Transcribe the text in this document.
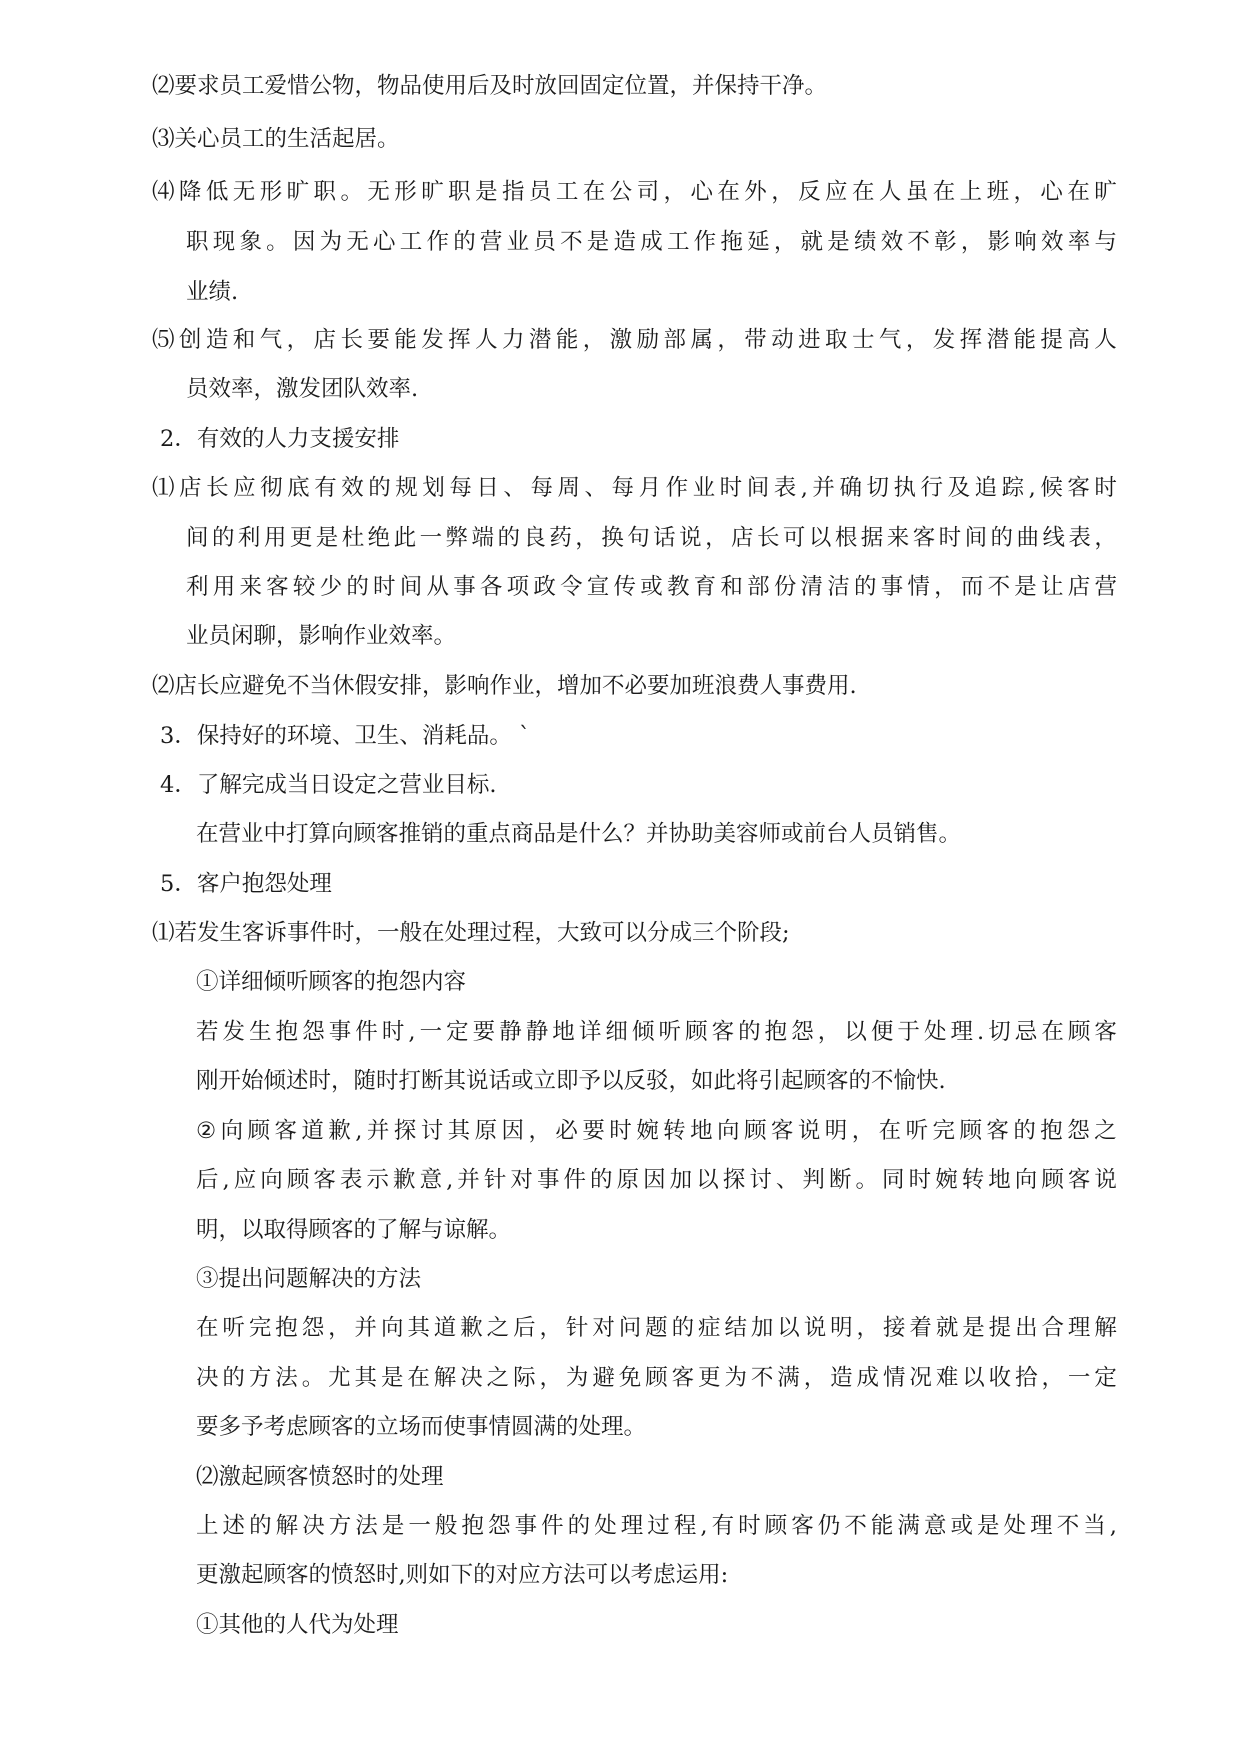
⑵要求员工爱惜公物，物品使用后及时放回固定位置，并保持干净。
⑶关心员工的生活起居。
⑷ 降 低 无 形 旷 职 。 无 形 旷 职 是 指 员 工 在 公 司 ， 心 在 外 ， 反 应 在 人 虽 在 上 班 ， 心 在 旷
职 现 象 。 因 为 无 心 工 作 的 营 业 员 不 是 造 成 工 作 拖 延 ， 就 是 绩 效 不 彰 ， 影 响 效 率 与
业绩.
⑸ 创 造 和 气 ， 店 长 要 能 发 挥 人 力 潜 能 ， 激 励 部 属 ， 带 动 进 取 士 气 ， 发 挥 潜 能 提 高 人
员效率，激发团队效率.
2．有效的人力支援安排
⑴ 店 长 应 彻 底 有 效 的 规 划 每 日 、 每 周 、 每 月 作 业 时 间 表 , 并 确 切 执 行 及 追 踪 , 候 客 时
间 的 利 用 更 是 杜 绝 此 一 弊 端 的 良 药 ， 换 句 话 说 ， 店 长 可 以 根 据 来 客 时 间 的 曲 线 表 ，
利 用 来 客 较 少 的 时 间 从 事 各 项 政 令 宣 传 或 教 育 和 部 份 清 洁 的 事 情 ， 而 不 是 让 店 营
业员闲聊，影响作业效率。
⑵店长应避免不当休假安排，影响作业，增加不必要加班浪费人事费用.
3．保持好的环境、卫生、消耗品。 `
4．了解完成当日设定之营业目标.
在营业中打算向顾客推销的重点商品是什么？并协助美容师或前台人员销售。
5．客户抱怨处理
⑴若发生客诉事件时，一般在处理过程，大致可以分成三个阶段;
①详细倾听顾客的抱怨内容
若 发 生 抱 怨 事 件 时 , 一 定 要 静 静 地 详 细 倾 听 顾 客 的 抱 怨 ， 以 便 于 处 理 . 切 忌 在 顾 客
刚开始倾述时，随时打断其说话或立即予以反驳，如此将引起顾客的不愉快.
② 向 顾 客 道 歉 , 并 探 讨 其 原 因 ， 必 要 时 婉 转 地 向 顾 客 说 明 ， 在 听 完 顾 客 的 抱 怨 之
后 , 应 向 顾 客 表 示 歉 意 , 并 针 对 事 件 的 原 因 加 以 探 讨 、 判 断 。 同 时 婉 转 地 向 顾 客 说
明，以取得顾客的了解与谅解。
③提出问题解决的方法
在 听 完 抱 怨 ， 并 向 其 道 歉 之 后 ， 针 对 问 题 的 症 结 加 以 说 明 ， 接 着 就 是 提 出 合 理 解
决 的 方 法 。 尤 其 是 在 解 决 之 际 ， 为 避 免 顾 客 更 为 不 满 ， 造 成 情 况 难 以 收 拾 ， 一 定
要多予考虑顾客的立场而使事情圆满的处理。
⑵激起顾客愤怒时的处理
上 述 的 解 决 方 法 是 一 般 抱 怨 事 件 的 处 理 过 程 , 有 时 顾 客 仍 不 能 满 意 或 是 处 理 不 当 ,
更激起顾客的愤怒时,则如下的对应方法可以考虑运用:
①其他的人代为处理
